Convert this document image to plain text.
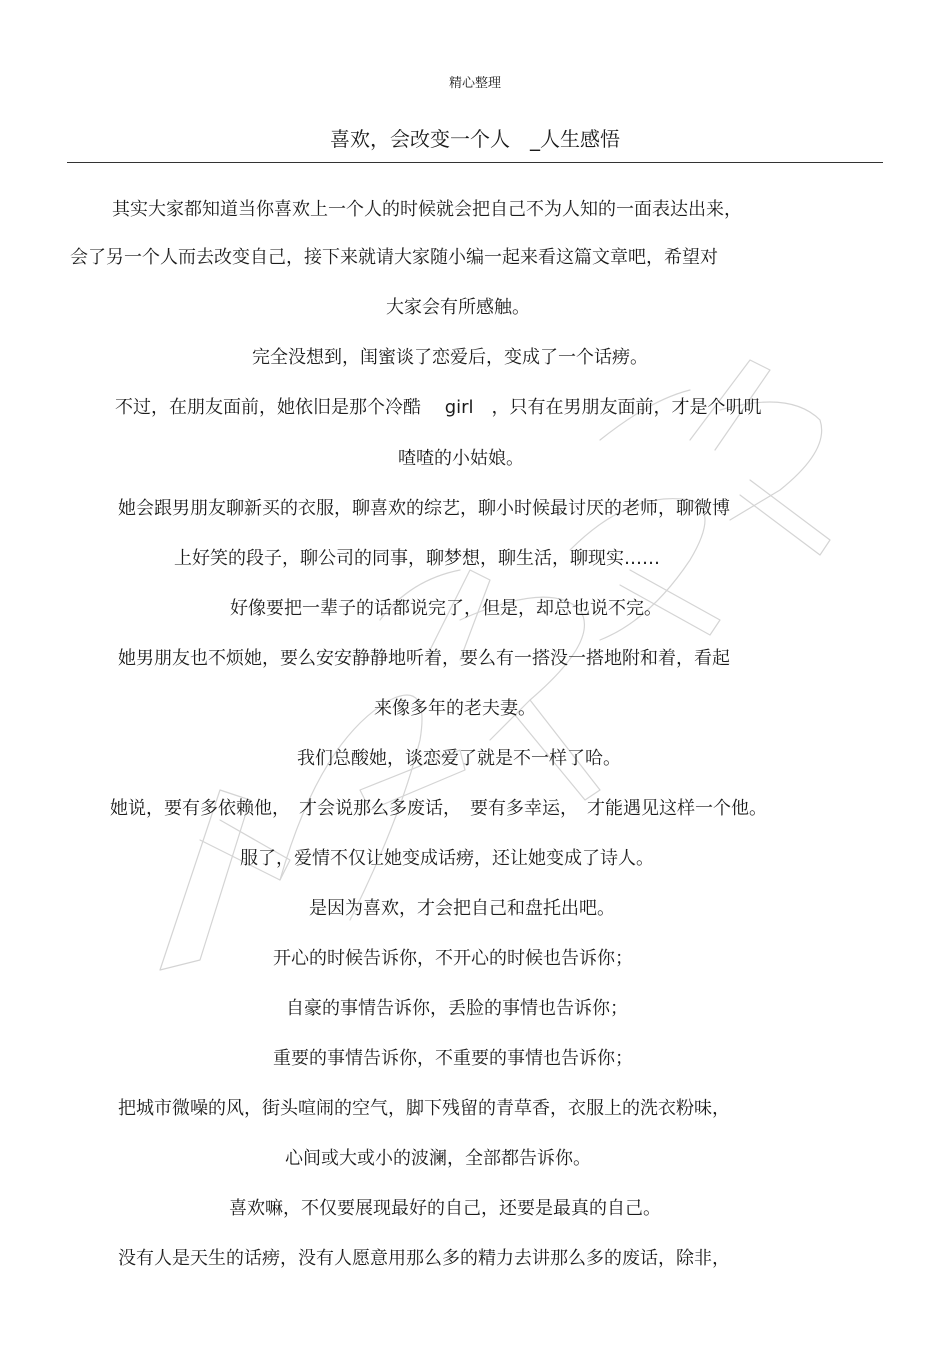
精心整理
喜欢，会改变一个人　_人生感悟
其实大家都知道当你喜欢上一个人的时候就会把自己不为人知的一面表达出来，
会了另一个人而去改变自己，接下来就请大家随小编一起来看这篇文章吧，希望对
大家会有所感触。
完全没想到，闺蜜谈了恋爱后，变成了一个话痨。
不过，在朋友面前，她依旧是那个冷酷　 girl　，只有在男朋友面前，才是个叽叽
喳喳的小姑娘。
她会跟男朋友聊新买的衣服，聊喜欢的综艺，聊小时候最讨厌的老师，聊微博
上好笑的段子，聊公司的同事，聊梦想，聊生活，聊现实……
好像要把一辈子的话都说完了，但是，却总也说不完。
她男朋友也不烦她，要么安安静静地听着，要么有一搭没一搭地附和着，看起
来像多年的老夫妻。
我们总酸她，谈恋爱了就是不一样了哈。
她说，要有多依赖他，　才会说那么多废话，　要有多幸运，　才能遇见这样一个他。
服了，爱情不仅让她变成话痨，还让她变成了诗人。
是因为喜欢，才会把自己和盘托出吧。
开心的时候告诉你，不开心的时候也告诉你；
自豪的事情告诉你，丢脸的事情也告诉你；
重要的事情告诉你，不重要的事情也告诉你；
把城市微噪的风，街头喧闹的空气，脚下残留的青草香，衣服上的洗衣粉味，
心间或大或小的波澜，全部都告诉你。
喜欢嘛，不仅要展现最好的自己，还要是最真的自己。
没有人是天生的话痨，没有人愿意用那么多的精力去讲那么多的废话，除非，
